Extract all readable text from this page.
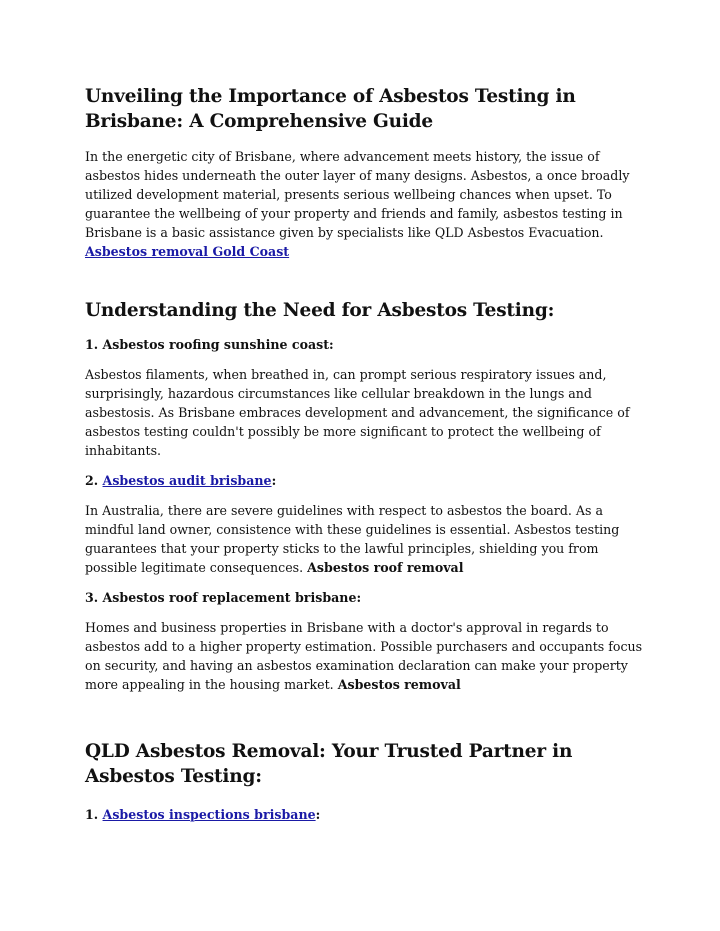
Unveiling the Importance of Asbestos Testing in Brisbane: A Comprehensive Guide

In the energetic city of Brisbane, where advancement meets history, the issue of asbestos hides underneath the outer layer of many designs. Asbestos, a once broadly utilized development material, presents serious wellbeing chances when upset. To guarantee the wellbeing of your property and friends and family, asbestos testing in Brisbane is a basic assistance given by specialists like QLD Asbestos Evacuation.
Asbestos removal Gold Coast

Understanding the Need for Asbestos Testing:

1. Asbestos roofing sunshine coast:

Asbestos filaments, when breathed in, can prompt serious respiratory issues and, surprisingly, hazardous circumstances like cellular breakdown in the lungs and asbestosis. As Brisbane embraces development and advancement, the significance of asbestos testing couldn't possibly be more significant to protect the wellbeing of inhabitants.

2. Asbestos audit brisbane:

In Australia, there are severe guidelines with respect to asbestos the board. As a mindful land owner, consistence with these guidelines is essential. Asbestos testing guarantees that your property sticks to the lawful principles, shielding you from possible legitimate consequences. Asbestos roof removal

3. Asbestos roof replacement brisbane:

Homes and business properties in Brisbane with a doctor's approval in regards to asbestos add to a higher property estimation. Possible purchasers and occupants focus on security, and having an asbestos examination declaration can make your property more appealing in the housing market. Asbestos removal

QLD Asbestos Removal: Your Trusted Partner in Asbestos Testing:

1. Asbestos inspections brisbane:
